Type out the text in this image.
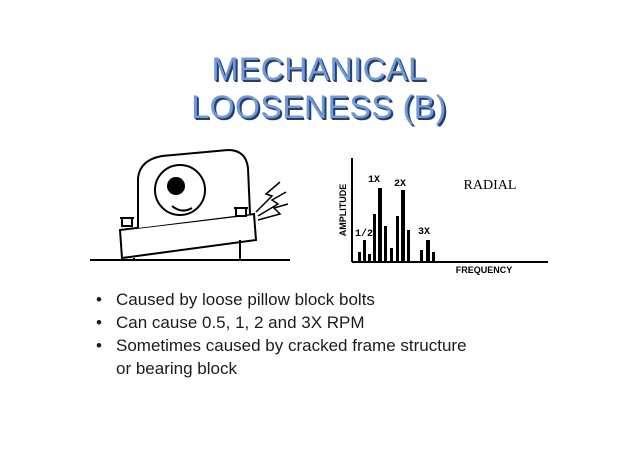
MECHANICAL
LOOSENESS (B)
AMPLITUDE
FREQUENCY
RADIAL
1/2
1X 2X
3X
• Caused by loose pillow block bolts
• Can cause 0.5, 1, 2 and 3X RPM
• Sometimes caused by cracked frame structure
or bearing block
